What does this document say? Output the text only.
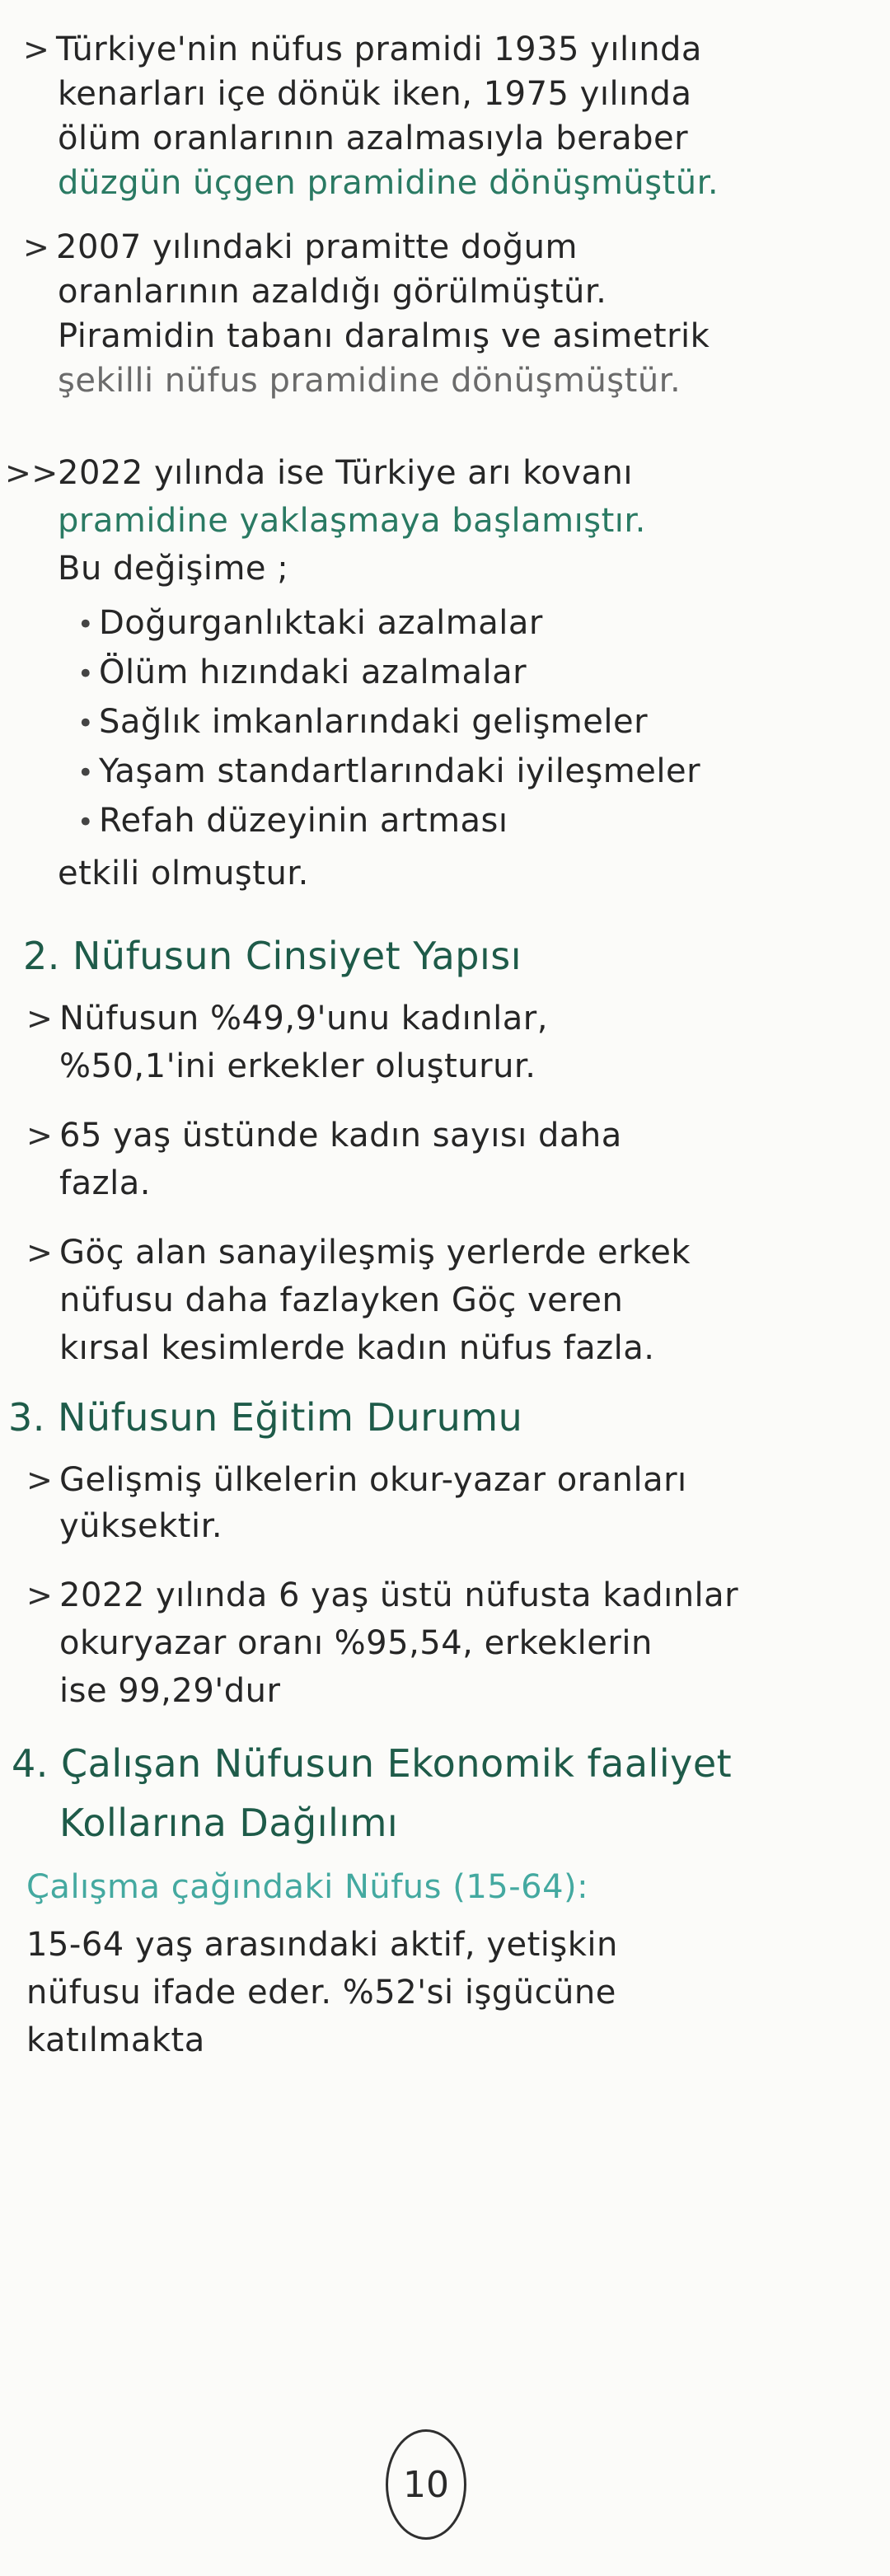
> Türkiye'nin nüfus pramidi 1935 yılında
kenarları içe dönük iken, 1975 yılında
ölüm oranlarının azalmasıyla beraber
düzgün üçgen pramidine dönüşmüştür.
> 2007 yılındaki pramitte doğum
oranlarının azaldığı görülmüştür.
Piramidin tabanı daralmış ve asimetrik
şekilli nüfus pramidine dönüşmüştür.
>>2022 yılında ise Türkiye arı kovanı
pramidine yaklaşmaya başlamıştır.
Bu değişime ;
• Doğurganlıktaki azalmalar
• Ölüm hızındaki azalmalar
• Sağlık imkanlarındaki gelişmeler
• Yaşam standartlarındaki iyileşmeler
• Refah düzeyinin artması
etkili olmuştur.
2. Nüfusun Cinsiyet Yapısı
> Nüfusun %49,9'unu kadınlar,
%50,1'ini erkekler oluşturur.
> 65 yaş üstünde kadın sayısı daha
fazla.
> Göç alan sanayileşmiş yerlerde erkek
nüfusu daha fazlayken Göç veren
kırsal kesimlerde kadın nüfus fazla.
3. Nüfusun Eğitim Durumu
> Gelişmiş ülkelerin okur-yazar oranları
yüksektir.
> 2022 yılında 6 yaş üstü nüfusta kadınlar
okuryazar oranı %95,54, erkeklerin
ise 99,29'dur
4. Çalışan Nüfusun Ekonomik faaliyet
Kollarına Dağılımı
Çalışma çağındaki Nüfus (15-64):
15-64 yaş arasındaki aktif, yetişkin
nüfusu ifade eder. %52'si işgücüne
katılmakta
10
